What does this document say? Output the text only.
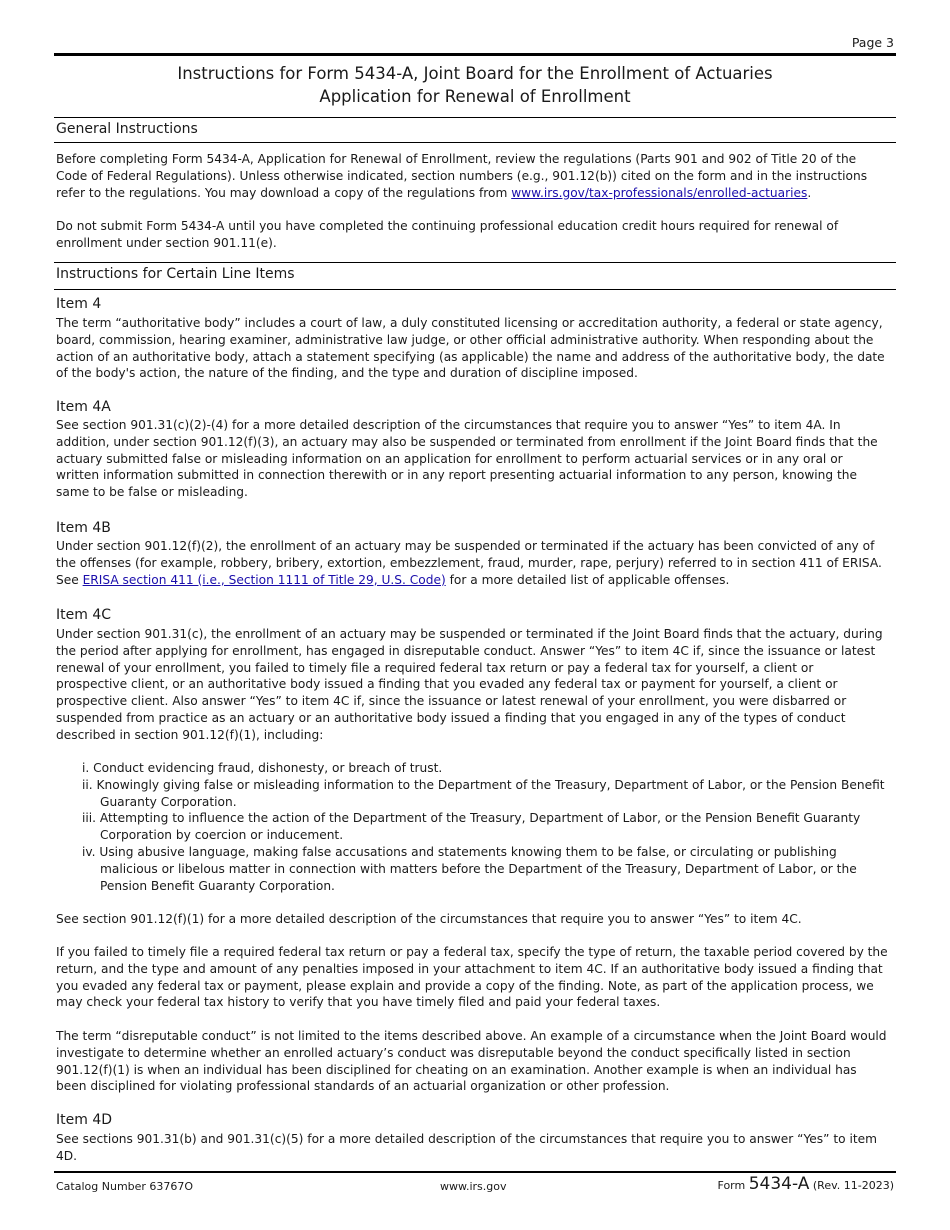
Page 3
Instructions for Form 5434-A, Joint Board for the Enrollment of Actuaries
Application for Renewal of Enrollment
General Instructions

Before completing Form 5434-A, Application for Renewal of Enrollment, review the regulations (Parts 901 and 902 of Title 20 of the Code of Federal Regulations). Unless otherwise indicated, section numbers (e.g., 901.12(b)) cited on the form and in the instructions refer to the regulations. You may download a copy of the regulations from www.irs.gov/tax-professionals/enrolled-actuaries.

Do not submit Form 5434-A until you have completed the continuing professional education credit hours required for renewal of enrollment under section 901.11(e).

Instructions for Certain Line Items
Item 4

The term “authoritative body” includes a court of law, a duly constituted licensing or accreditation authority, a federal or state agency, board, commission, hearing examiner, administrative law judge, or other official administrative authority. When responding about the action of an authoritative body, attach a statement specifying (as applicable) the name and address of the authoritative body, the date of the body's action, the nature of the finding, and the type and duration of discipline imposed.

Item 4A

See section 901.31(c)(2)-(4) for a more detailed description of the circumstances that require you to answer “Yes” to item 4A. In addition, under section 901.12(f)(3), an actuary may also be suspended or terminated from enrollment if the Joint Board finds that the actuary submitted false or misleading information on an application for enrollment to perform actuarial services or in any oral or written information submitted in connection therewith or in any report presenting actuarial information to any person, knowing the same to be false or misleading.

Item 4B

Under section 901.12(f)(2), the enrollment of an actuary may be suspended or terminated if the actuary has been convicted of any of the offenses (for example, robbery, bribery, extortion, embezzlement, fraud, murder, rape, perjury) referred to in section 411 of ERISA. See ERISA section 411 (i.e., Section 1111 of Title 29, U.S. Code) for a more detailed list of applicable offenses.

Item 4C

Under section 901.31(c), the enrollment of an actuary may be suspended or terminated if the Joint Board finds that the actuary, during the period after applying for enrollment, has engaged in disreputable conduct. Answer “Yes” to item 4C if, since the issuance or latest renewal of your enrollment, you failed to timely file a required federal tax return or pay a federal tax for yourself, a client or prospective client, or an authoritative body issued a finding that you evaded any federal tax or payment for yourself, a client or prospective client. Also answer “Yes” to item 4C if, since the issuance or latest renewal of your enrollment, you were disbarred or suspended from practice as an actuary or an authoritative body issued a finding that you engaged in any of the types of conduct described in section 901.12(f)(1), including:

i. Conduct evidencing fraud, dishonesty, or breach of trust.
ii. Knowingly giving false or misleading information to the Department of the Treasury, Department of Labor, or the Pension Benefit Guaranty Corporation.
iii. Attempting to influence the action of the Department of the Treasury, Department of Labor, or the Pension Benefit Guaranty Corporation by coercion or inducement.
iv. Using abusive language, making false accusations and statements knowing them to be false, or circulating or publishing malicious or libelous matter in connection with matters before the Department of the Treasury, Department of Labor, or the Pension Benefit Guaranty Corporation.

See section 901.12(f)(1) for a more detailed description of the circumstances that require you to answer “Yes” to item 4C.

If you failed to timely file a required federal tax return or pay a federal tax, specify the type of return, the taxable period covered by the return, and the type and amount of any penalties imposed in your attachment to item 4C. If an authoritative body issued a finding that you evaded any federal tax or payment, please explain and provide a copy of the finding. Note, as part of the application process, we may check your federal tax history to verify that you have timely filed and paid your federal taxes.

The term “disreputable conduct” is not limited to the items described above. An example of a circumstance when the Joint Board would investigate to determine whether an enrolled actuary’s conduct was disreputable beyond the conduct specifically listed in section 901.12(f)(1) is when an individual has been disciplined for cheating on an examination. Another example is when an individual has been disciplined for violating professional standards of an actuarial organization or other profession.

Item 4D

See sections 901.31(b) and 901.31(c)(5) for a more detailed description of the circumstances that require you to answer “Yes” to item 4D.

Catalog Number 63767O	www.irs.gov	Form 5434-A (Rev. 11-2023)
